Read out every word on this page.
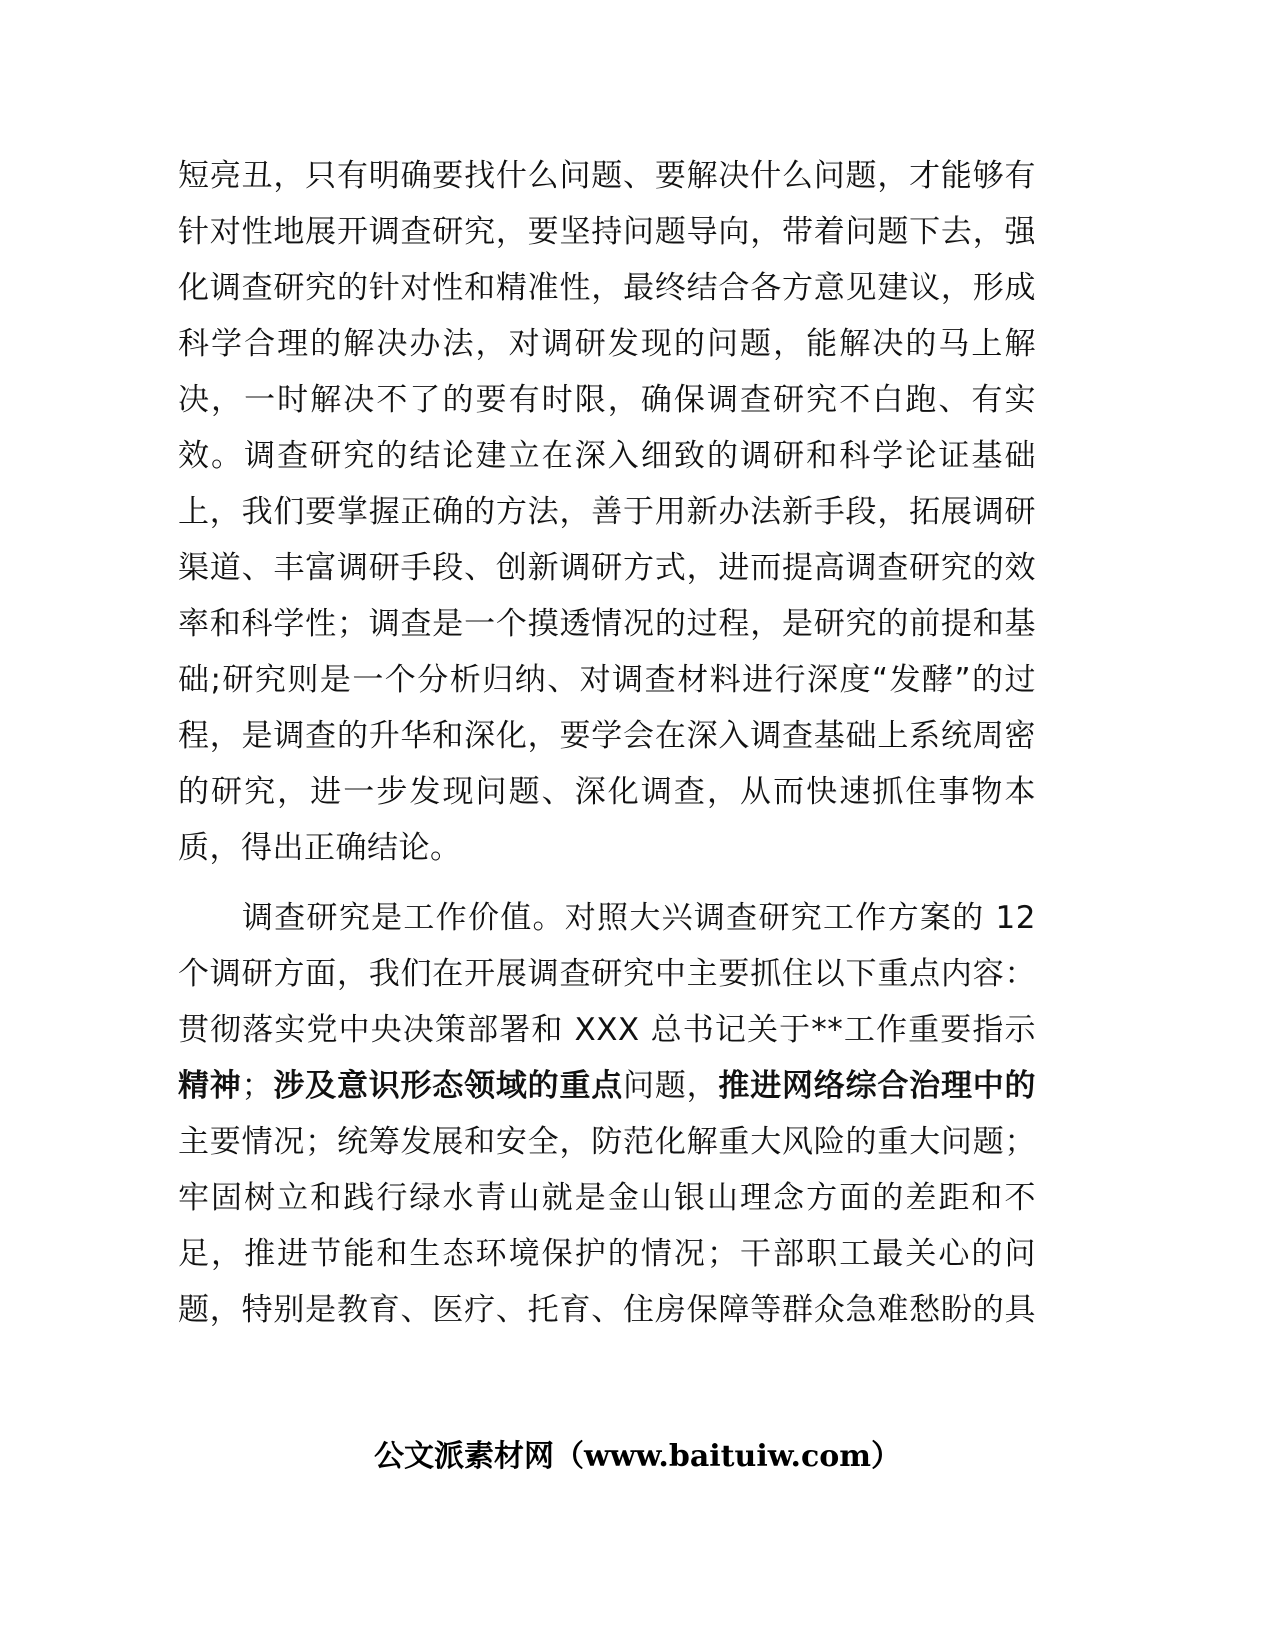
短亮丑，只有明确要找什么问题、要解决什么问题，才能够有
针对性地展开调查研究，要坚持问题导向，带着问题下去，强
化调查研究的针对性和精准性，最终结合各方意见建议，形成
科学合理的解决办法，对调研发现的问题，能解决的马上解
决，一时解决不了的要有时限，确保调查研究不白跑、有实
效。调查研究的结论建立在深入细致的调研和科学论证基础
上，我们要掌握正确的方法，善于用新办法新手段，拓展调研
渠道、丰富调研手段、创新调研方式，进而提高调查研究的效
率和科学性；调查是一个摸透情况的过程，是研究的前提和基
础;研究则是一个分析归纳、对调查材料进行深度“发酵”的过
程，是调查的升华和深化，要学会在深入调查基础上系统周密
的研究，进一步发现问题、深化调查，从而快速抓住事物本
质，得出正确结论。
调查研究是工作价值。对照大兴调查研究工作方案的 12
个调研方面，我们在开展调查研究中主要抓住以下重点内容：
贯彻落实党中央决策部署和 XXX 总书记关于**工作重要指示
精神；涉及意识形态领域的重点问题，推进网络综合治理中的
主要情况；统筹发展和安全，防范化解重大风险的重大问题；
牢固树立和践行绿水青山就是金山银山理念方面的差距和不
足，推进节能和生态环境保护的情况；干部职工最关心的问
题，特别是教育、医疗、托育、住房保障等群众急难愁盼的具
公文派素材网（www.baituiw.com）
